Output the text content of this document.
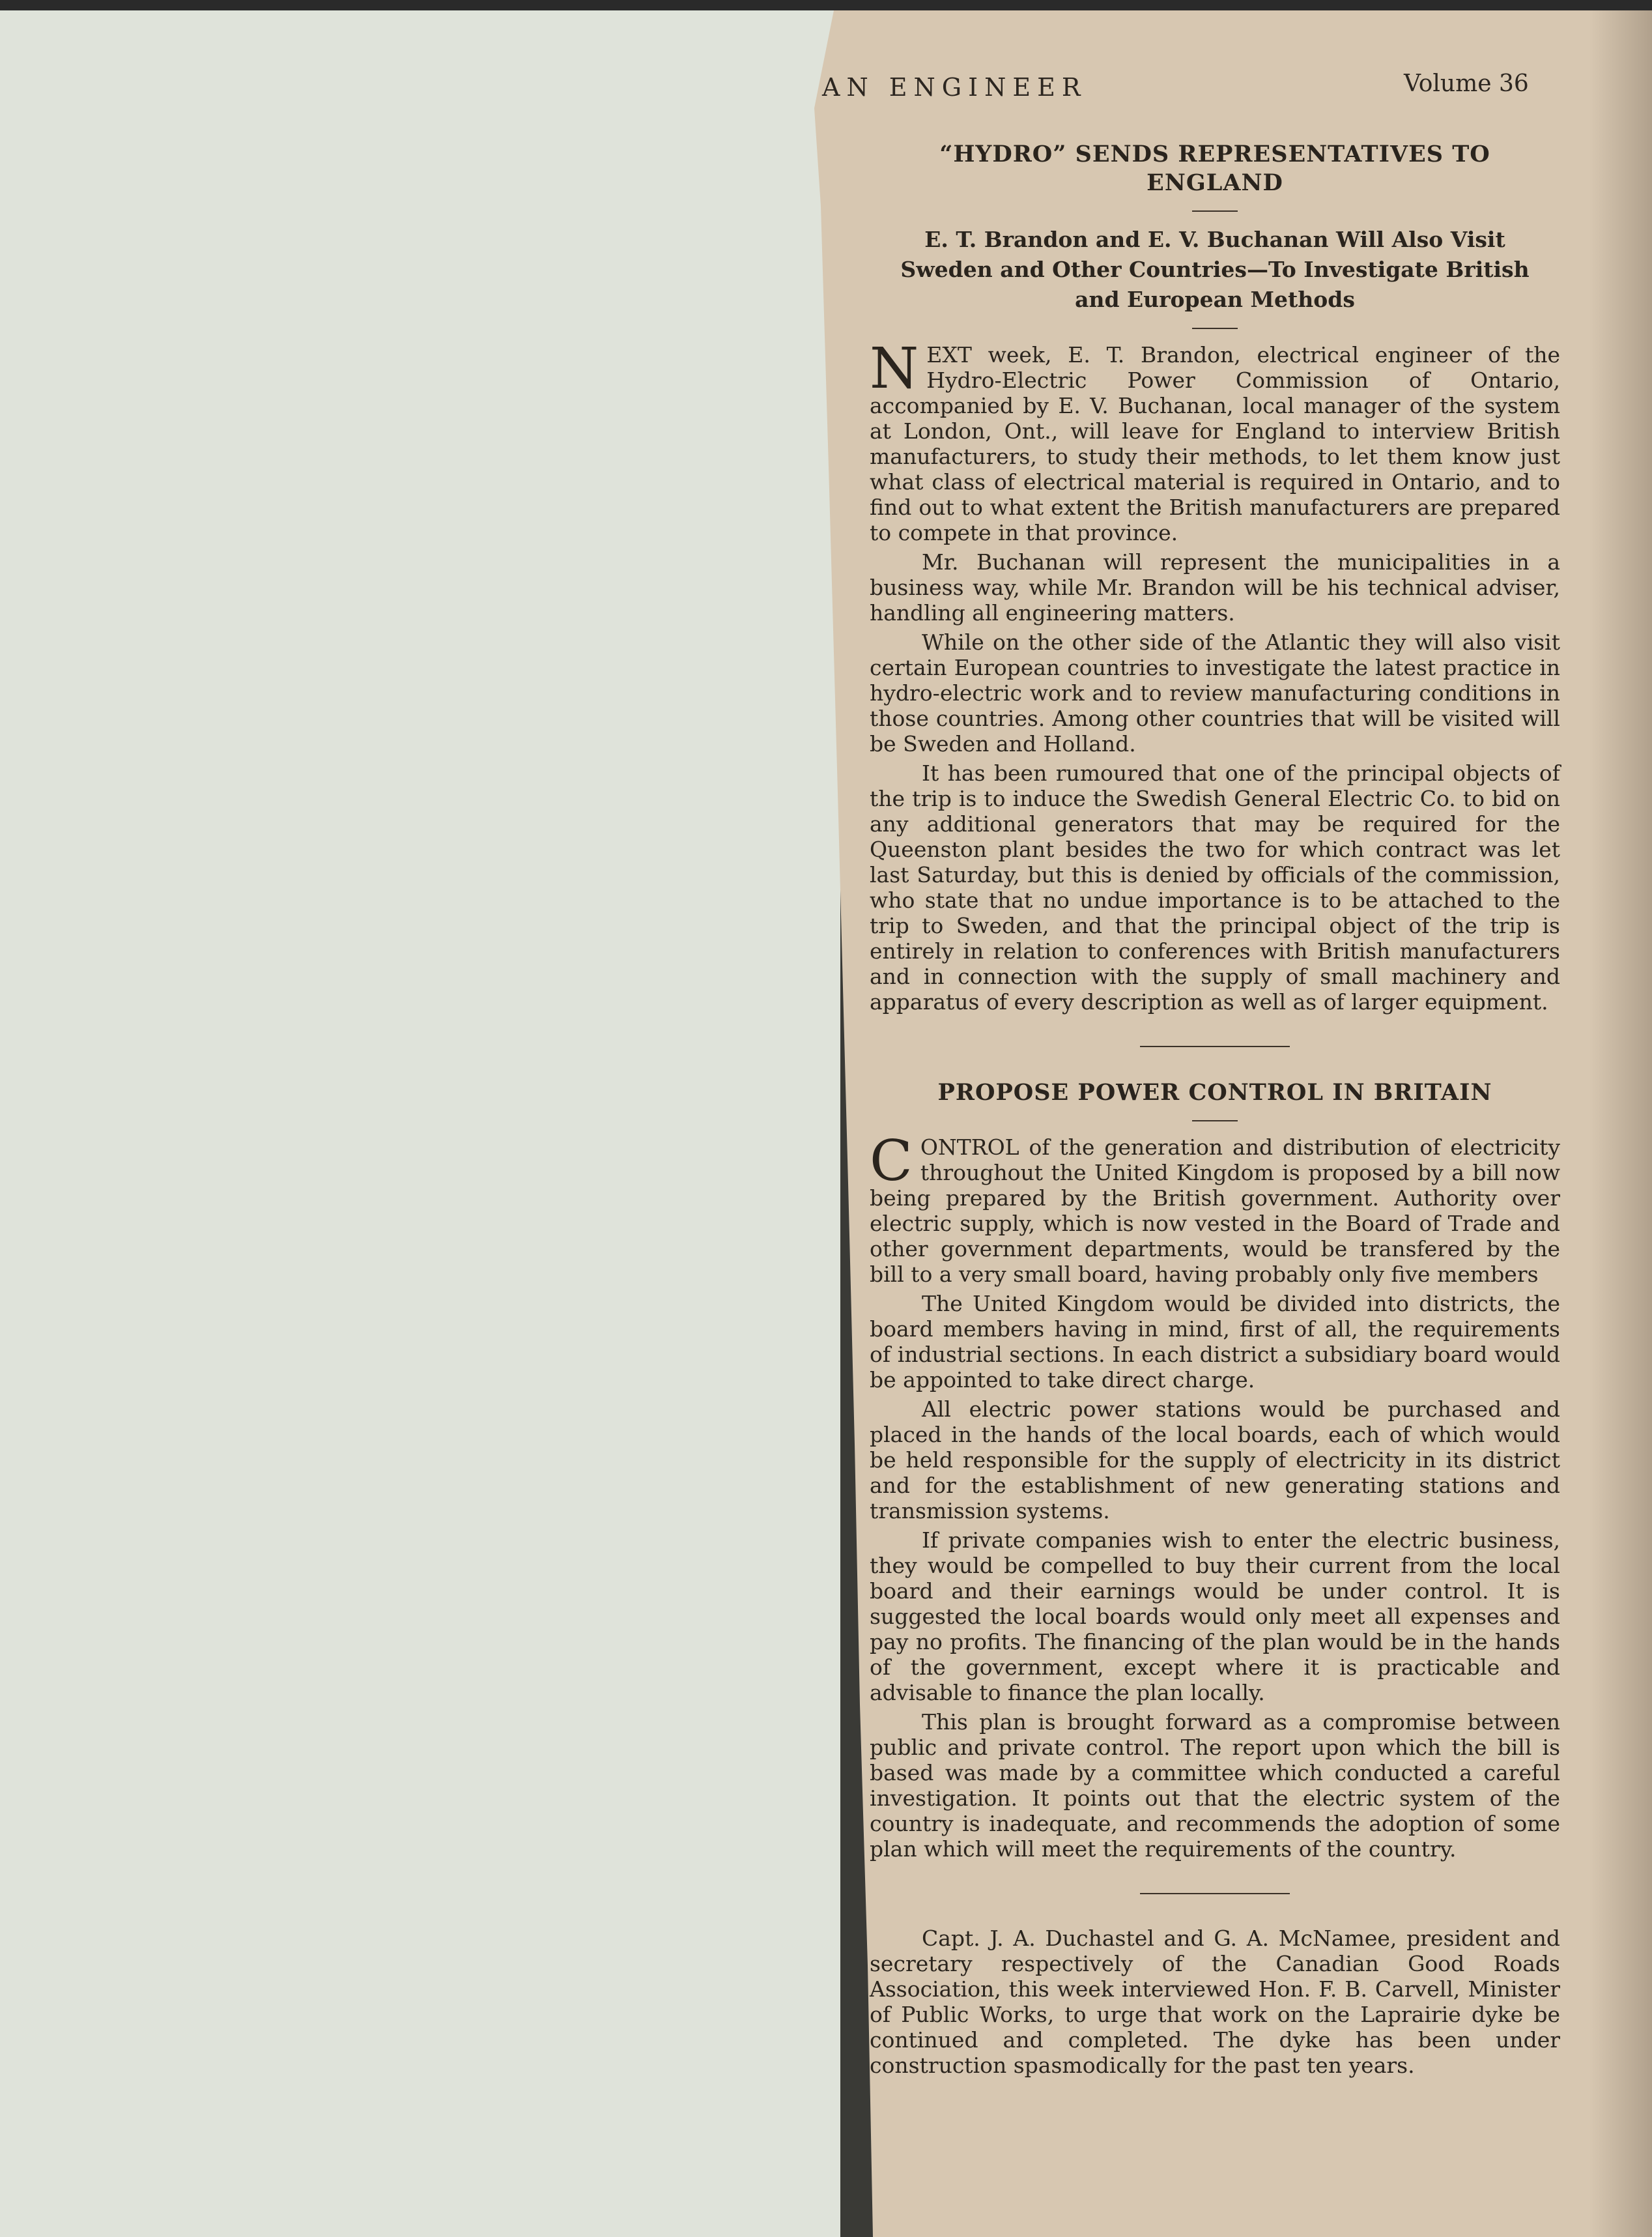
AN ENGINEER	Volume 36
“HYDRO” SENDS REPRESENTATIVES TO ENGLAND
E. T. Brandon and E. V. Buchanan Will Also Visit Sweden and Other Countries—To Investigate British and European Methods

NEXT week, E. T. Brandon, electrical engineer of the Hydro-Electric Power Commission of Ontario, accompanied by E. V. Buchanan, local manager of the system at London, Ont., will leave for England to interview British manufacturers, to study their methods, to let them know just what class of electrical material is required in Ontario, and to find out to what extent the British manufacturers are prepared to compete in that province.

Mr. Buchanan will represent the municipalities in a business way, while Mr. Brandon will be his technical adviser, handling all engineering matters.

While on the other side of the Atlantic they will also visit certain European countries to investigate the latest practice in hydro-electric work and to review manufacturing conditions in those countries. Among other countries that will be visited will be Sweden and Holland.

It has been rumoured that one of the principal objects of the trip is to induce the Swedish General Electric Co. to bid on any additional generators that may be required for the Queenston plant besides the two for which contract was let last Saturday, but this is denied by officials of the commission, who state that no undue importance is to be attached to the trip to Sweden, and that the principal object of the trip is entirely in relation to conferences with British manufacturers and in connection with the supply of small machinery and apparatus of every description as well as of larger equipment.

PROPOSE POWER CONTROL IN BRITAIN

CONTROL of the generation and distribution of electricity throughout the United Kingdom is proposed by a bill now being prepared by the British government. Authority over electric supply, which is now vested in the Board of Trade and other government departments, would be transfered by the bill to a very small board, having probably only five members

The United Kingdom would be divided into districts, the board members having in mind, first of all, the requirements of industrial sections. In each district a subsidiary board would be appointed to take direct charge.

All electric power stations would be purchased and placed in the hands of the local boards, each of which would be held responsible for the supply of electricity in its district and for the establishment of new generating stations and transmission systems.

If private companies wish to enter the electric business, they would be compelled to buy their current from the local board and their earnings would be under control. It is suggested the local boards would only meet all expenses and pay no profits. The financing of the plan would be in the hands of the government, except where it is practicable and advisable to finance the plan locally.

This plan is brought forward as a compromise between public and private control. The report upon which the bill is based was made by a committee which conducted a careful investigation. It points out that the electric system of the country is inadequate, and recommends the adoption of some plan which will meet the requirements of the country.

Capt. J. A. Duchastel and G. A. McNamee, president and secretary respectively of the Canadian Good Roads Association, this week interviewed Hon. F. B. Carvell, Minister of Public Works, to urge that work on the Laprairie dyke be continued and completed. The dyke has been under construction spasmodically for the past ten years.
